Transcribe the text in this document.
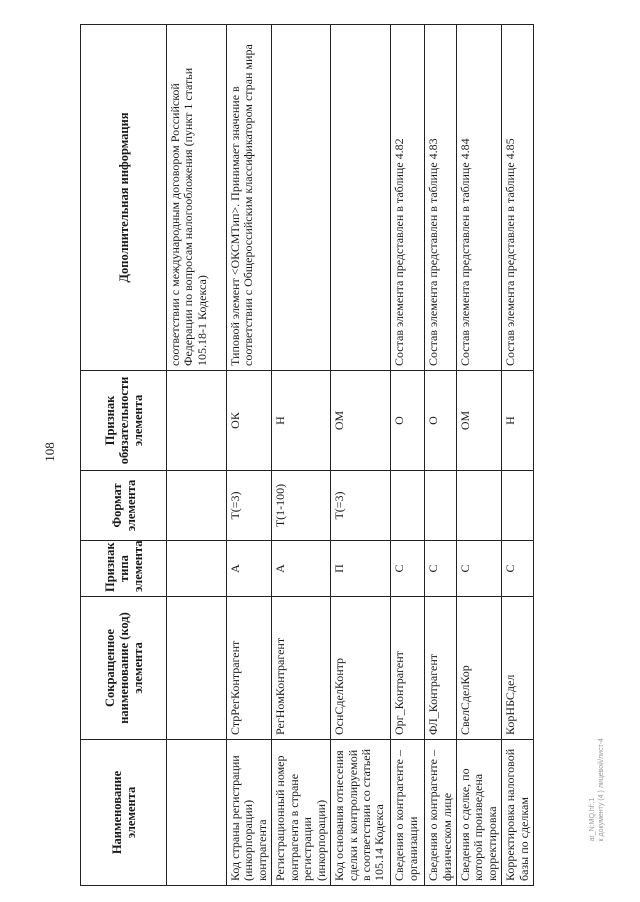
108
Наименование элемента	Сокращенное наименование (код) элемента	Признак типа элемента	Формат элемента	Признак обязательности элемента	Дополнительная информация
					соответствии с международным договором Российской Федерации по вопросам налогообложения (пункт 1 статьи 105.18-1 Кодекса)
Код страны регистрации (инкорпорации) контрагента	СтрРегКонтрагент	А	T(=3)	ОК	Типовой элемент <ОКСМТип>. Принимает значение в соответствии с Общероссийским классификатором стран мира
Регистрационный номер контрагента в стране регистрации (инкорпорации)	РегНомКонтрагент	А	T(1-100)	Н	
Код основания отнесения сделки к контролируемой в соответствии со статьей 105.14 Кодекса	ОснСделКонтр	П	T(=3)	ОМ	
Сведения о контрагенте – организации	Орг_Контрагент	С		О	Состав элемента представлен в таблице 4.82
Сведения о контрагенте – физическом лице	ФЛ_Контрагент	С		О	Состав элемента представлен в таблице 4.83
Сведения о сделке, по которой произведена корректировка	СвелСделКор	С		ОМ	Состав элемента представлен в таблице 4.84
Корректировка налоговой базы по сделкам	КорНБСдел	С		Н	Состав элемента представлен в таблице 4.85
ar_N:MQ.hf:,1 к документу (4 ) лицевой/лист-4
